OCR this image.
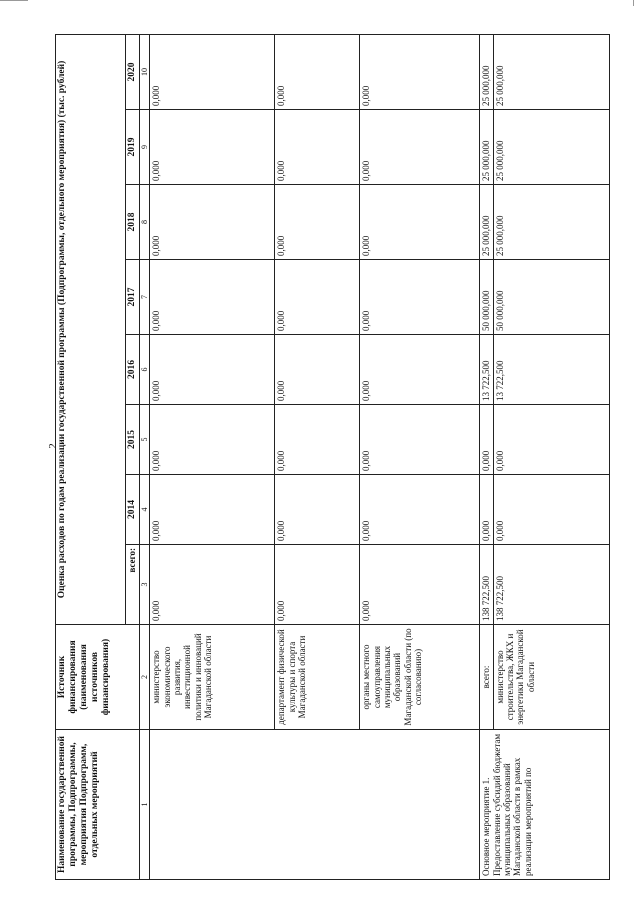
2
Наименование государственной программы, Подпрограммы, мероприятия Подпрограмм, отдельных мероприятий	Источник финансирования (наименования источников финансирования)	Оценка расходов по годам реализации государственной программы (Подпрограммы, отдельного мероприятия) (тыс. рублей)							
		всего:	2014	2015	2016	2017	2018	2019	2020
1	2	3	4	5	6	7	8	9	10
	министерство экономического развития, инвестиционной политики и инноваций Магаданской области	0,000	0,000	0,000	0,000	0,000	0,000	0,000	0,000
	департамент физической культуры и спорта Магаданской области	0,000	0,000	0,000	0,000	0,000	0,000	0,000	0,000
	органы местного самоуправления муниципальных образований Магаданской области (по согласованию)	0,000	0,000	0,000	0,000	0,000	0,000	0,000	0,000
Основное мероприятие 1. Предоставление субсидий бюджетам муниципальных образований Магаданской области в рамках реализации мероприятий по	всего:	138 722,500	0,000	0,000	13 722,500	50 000,000	25 000,000	25 000,000	25 000,000
	министерство строительства, ЖКХ и энергетики Магаданской области	138 722,500	0,000	0,000	13 722,500	50 000,000	25 000,000	25 000,000	25 000,000
